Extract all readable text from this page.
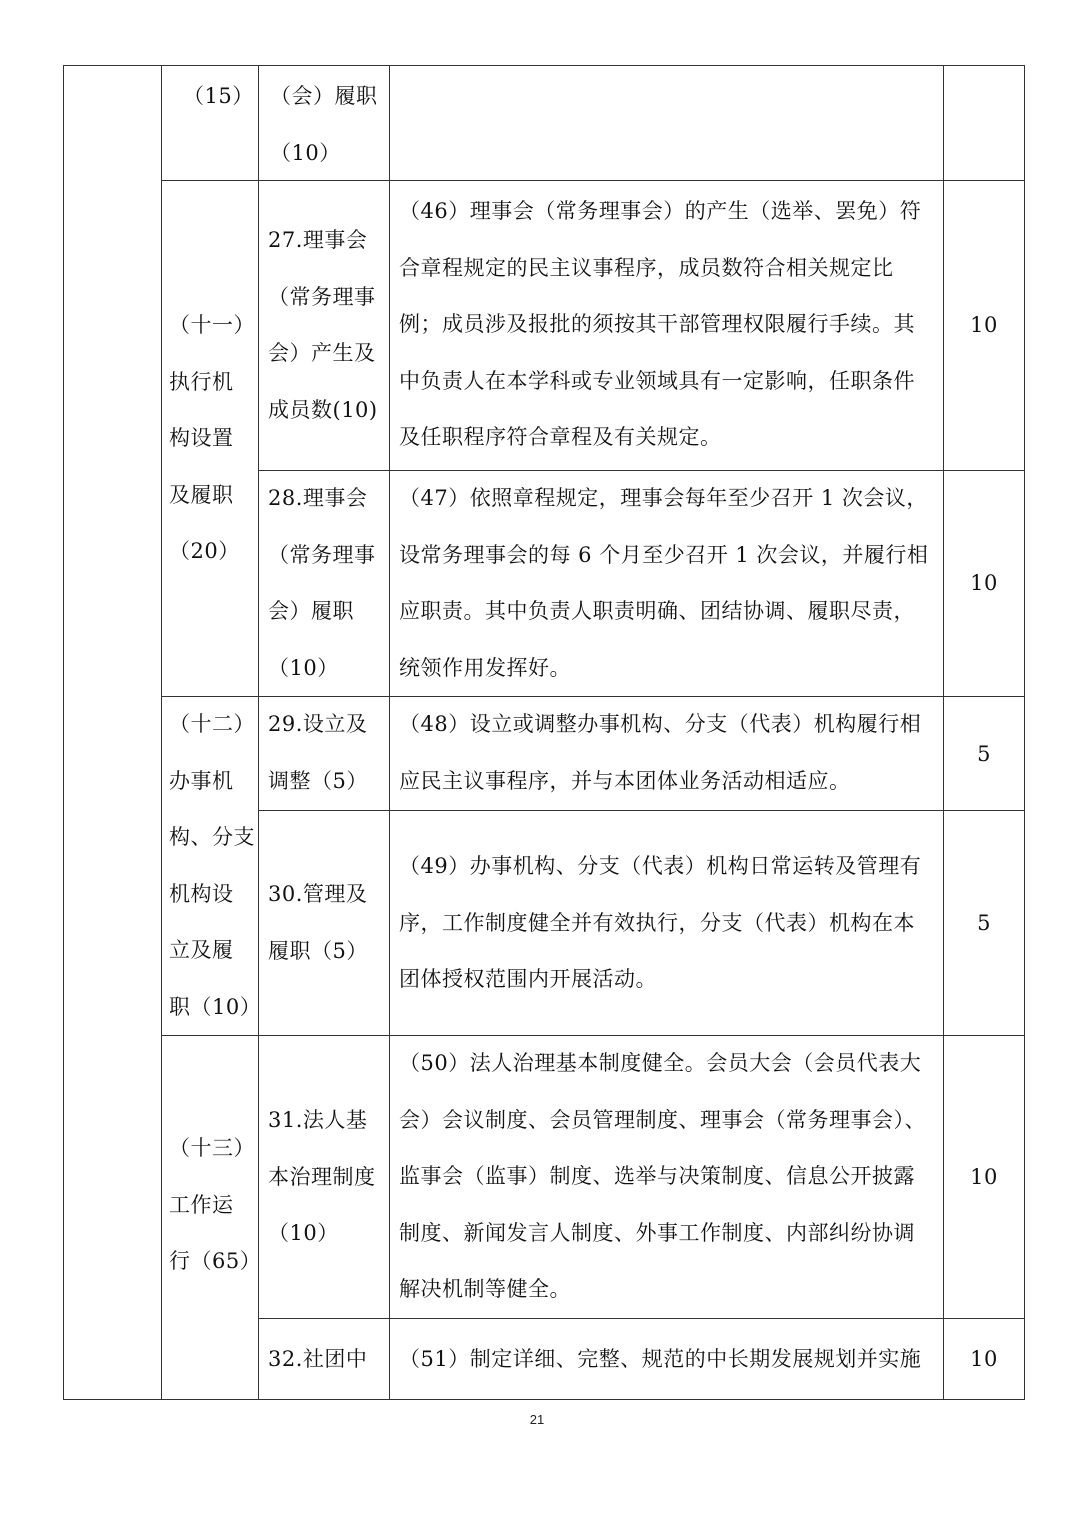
（15） （会）履职
（10）
（十一）
执行机
构设置
及履职
（20）
27.理事会
（常务理事
会）产生及
成员数(10)
（46）理事会（常务理事会）的产生（选举、罢免）符合章程规定的民主议事程序，成员数符合相关规定比例；成员涉及报批的须按其干部管理权限履行手续。其中负责人在本学科或专业领域具有一定影响，任职条件及任职程序符合章程及有关规定。
10
28.理事会
（常务理事
会）履职
（10）
（47）依照章程规定，理事会每年至少召开 1 次会议，设常务理事会的每 6 个月至少召开 1 次会议，并履行相应职责。其中负责人职责明确、团结协调、履职尽责，统领作用发挥好。
10
（十二）
办事机
构、分支
机构设
立及履
职（10）
29.设立及
调整（5）
（48）设立或调整办事机构、分支（代表）机构履行相应民主议事程序，并与本团体业务活动相适应。
5
30.管理及
履职（5）
（49）办事机构、分支（代表）机构日常运转及管理有序，工作制度健全并有效执行，分支（代表）机构在本团体授权范围内开展活动。
5
（十三）
工作运
行（65）
31.法人基
本治理制度
（10）
（50）法人治理基本制度健全。会员大会（会员代表大会）会议制度、会员管理制度、理事会（常务理事会）、监事会（监事）制度、选举与决策制度、信息公开披露制度、新闻发言人制度、外事工作制度、内部纠纷协调解决机制等健全。
10
32.社团中	（51）制定详细、完整、规范的中长期发展规划并实施	10
21
